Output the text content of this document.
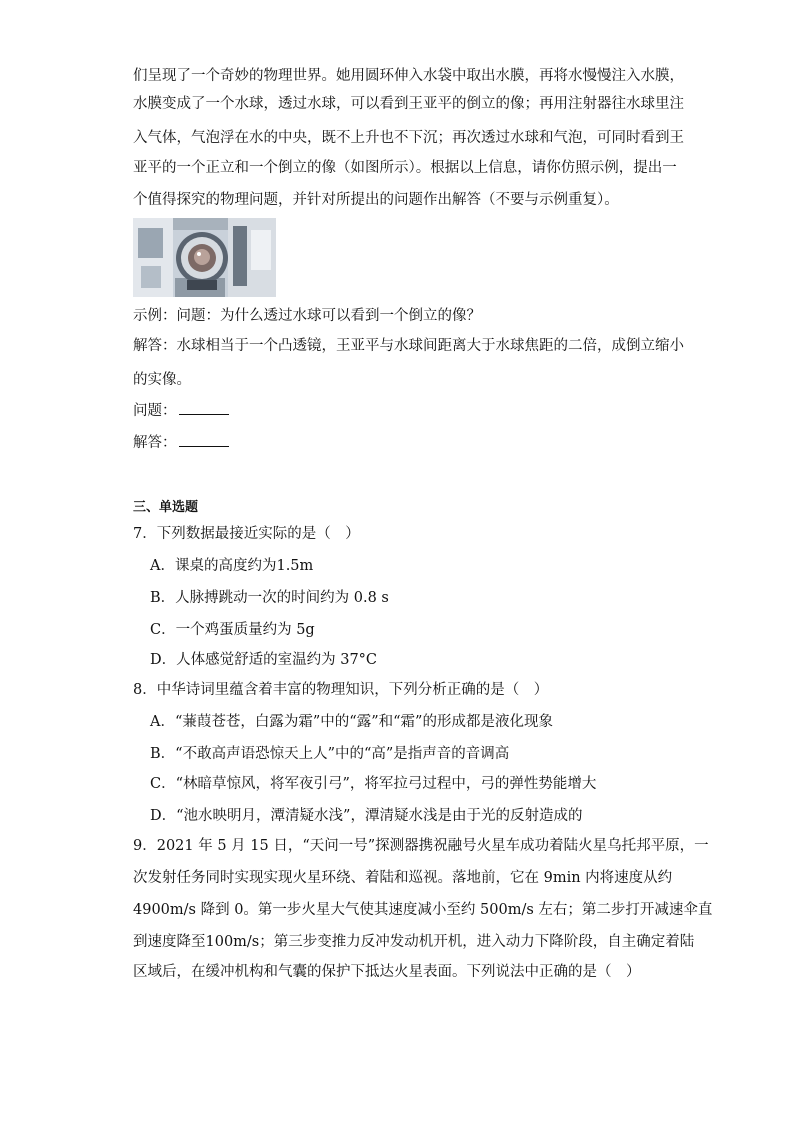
们呈现了一个奇妙的物理世界。她用圆环伸入水袋中取出水膜，再将水慢慢注入水膜，
水膜变成了一个水球，透过水球，可以看到王亚平的倒立的像；再用注射器往水球里注
入气体，气泡浮在水的中央，既不上升也不下沉；再次透过水球和气泡，可同时看到王
亚平的一个正立和一个倒立的像（如图所示）。根据以上信息，请你仿照示例，提出一
个值得探究的物理问题，并针对所提出的问题作出解答（不要与示例重复）。
示例：问题：为什么透过水球可以看到一个倒立的像？
解答：水球相当于一个凸透镜，王亚平与水球间距离大于水球焦距的二倍，成倒立缩小
的实像。
问题：
解答：
三、单选题
7．下列数据最接近实际的是（　）
A．课桌的高度约为1.5m
B．人脉搏跳动一次的时间约为 0.8 s
C．一个鸡蛋质量约为 5g
D．人体感觉舒适的室温约为 37°C
8．中华诗词里蕴含着丰富的物理知识，下列分析正确的是（　）
A．“蒹葭苍苍，白露为霜”中的“露”和“霜”的形成都是液化现象
B．“不敢高声语恐惊天上人”中的“高”是指声音的音调高
C．“林暗草惊风，将军夜引弓”，将军拉弓过程中，弓的弹性势能增大
D．“池水映明月，潭清疑水浅”，潭清疑水浅是由于光的反射造成的
9．2021 年 5 月 15 日，“天问一号”探测器携祝融号火星车成功着陆火星乌托邦平原，一
次发射任务同时实现实现火星环绕、着陆和巡视。落地前，它在 9min 内将速度从约
4900m/s 降到 0。第一步火星大气使其速度减小至约 500m/s 左右；第二步打开减速伞直
到速度降至100m/s；第三步变推力反冲发动机开机，进入动力下降阶段，自主确定着陆
区域后，在缓冲机构和气囊的保护下抵达火星表面。下列说法中正确的是（　）
